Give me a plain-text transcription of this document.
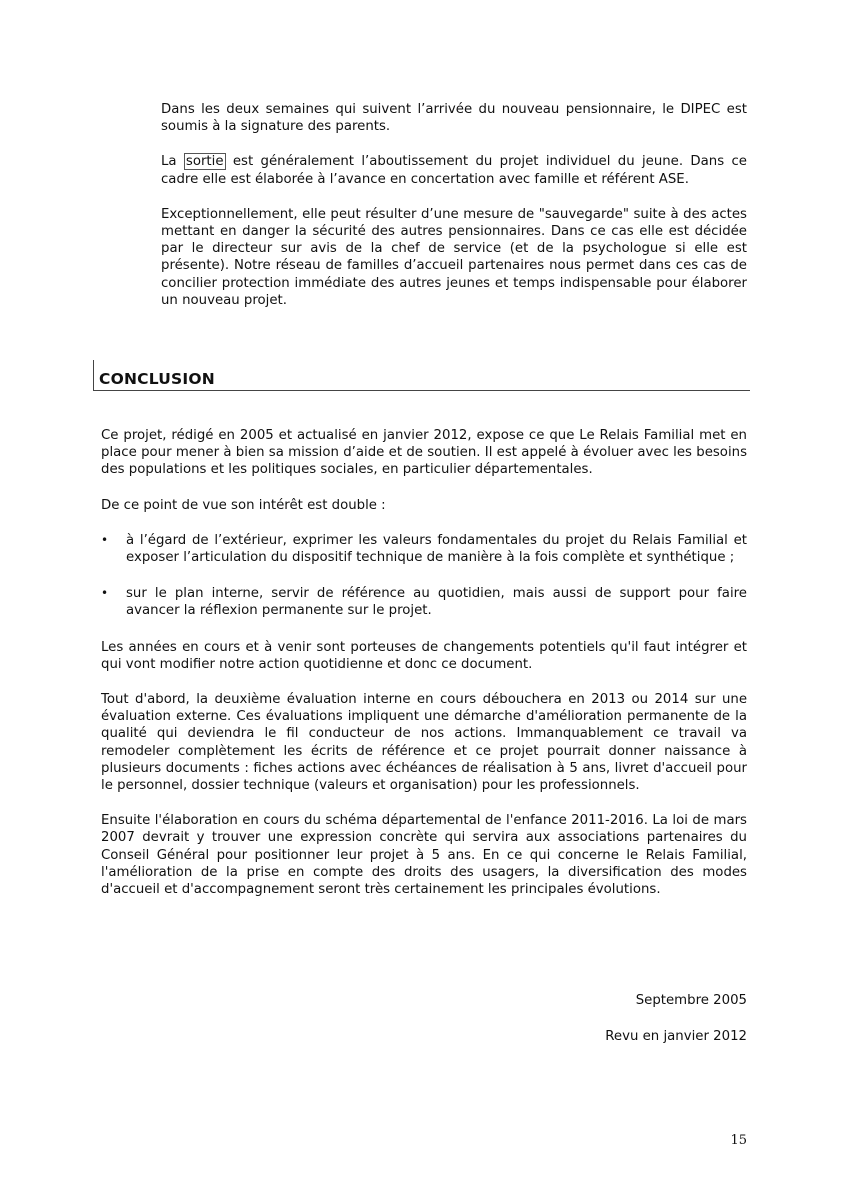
Dans les deux semaines qui suivent l’arrivée du nouveau pensionnaire, le DIPEC est soumis à la signature des parents.

La sortie est généralement l’aboutissement du projet individuel du jeune. Dans ce cadre elle est élaborée à l’avance en concertation avec famille et référent ASE.

Exceptionnellement, elle peut résulter d’une mesure de "sauvegarde" suite à des actes mettant en danger la sécurité des autres pensionnaires. Dans ce cas elle est décidée par le directeur sur avis de la chef de service (et de la psychologue si elle est présente). Notre réseau de familles d’accueil partenaires nous permet dans ces cas de concilier protection immédiate des autres jeunes et temps indispensable pour élaborer un nouveau projet.

CONCLUSION

Ce projet, rédigé en 2005 et actualisé en janvier 2012, expose ce que Le Relais Familial met en place pour mener à bien sa mission d’aide et de soutien. Il est appelé à évoluer avec les besoins des populations et les politiques sociales, en particulier départementales.

De ce point de vue son intérêt est double :

• à l’égard de l’extérieur, exprimer les valeurs fondamentales du projet du Relais Familial et exposer l’articulation du dispositif technique de manière à la fois complète et synthétique ;
• sur le plan interne, servir de référence au quotidien, mais aussi de support pour faire avancer la réflexion permanente sur le projet.

Les années en cours et à venir sont porteuses de changements potentiels qu'il faut intégrer et qui vont modifier notre action quotidienne et donc ce document.

Tout d'abord, la deuxième évaluation interne en cours débouchera en 2013 ou 2014 sur une évaluation externe. Ces évaluations impliquent une démarche d'amélioration permanente de la qualité qui deviendra le fil conducteur de nos actions. Immanquablement ce travail va remodeler complètement les écrits de référence et ce projet pourrait donner naissance à plusieurs documents : fiches actions avec échéances de réalisation à 5 ans, livret d'accueil pour le personnel, dossier technique (valeurs et organisation) pour les professionnels.

Ensuite l'élaboration en cours du schéma départemental de l'enfance 2011-2016. La loi de mars 2007 devrait y trouver une expression concrète qui servira aux associations partenaires du Conseil Général pour positionner leur projet à 5 ans. En ce qui concerne le Relais Familial, l'amélioration de la prise en compte des droits des usagers, la diversification des modes d'accueil et d'accompagnement seront très certainement les principales évolutions.

Septembre 2005
Revu en janvier 2012
15
